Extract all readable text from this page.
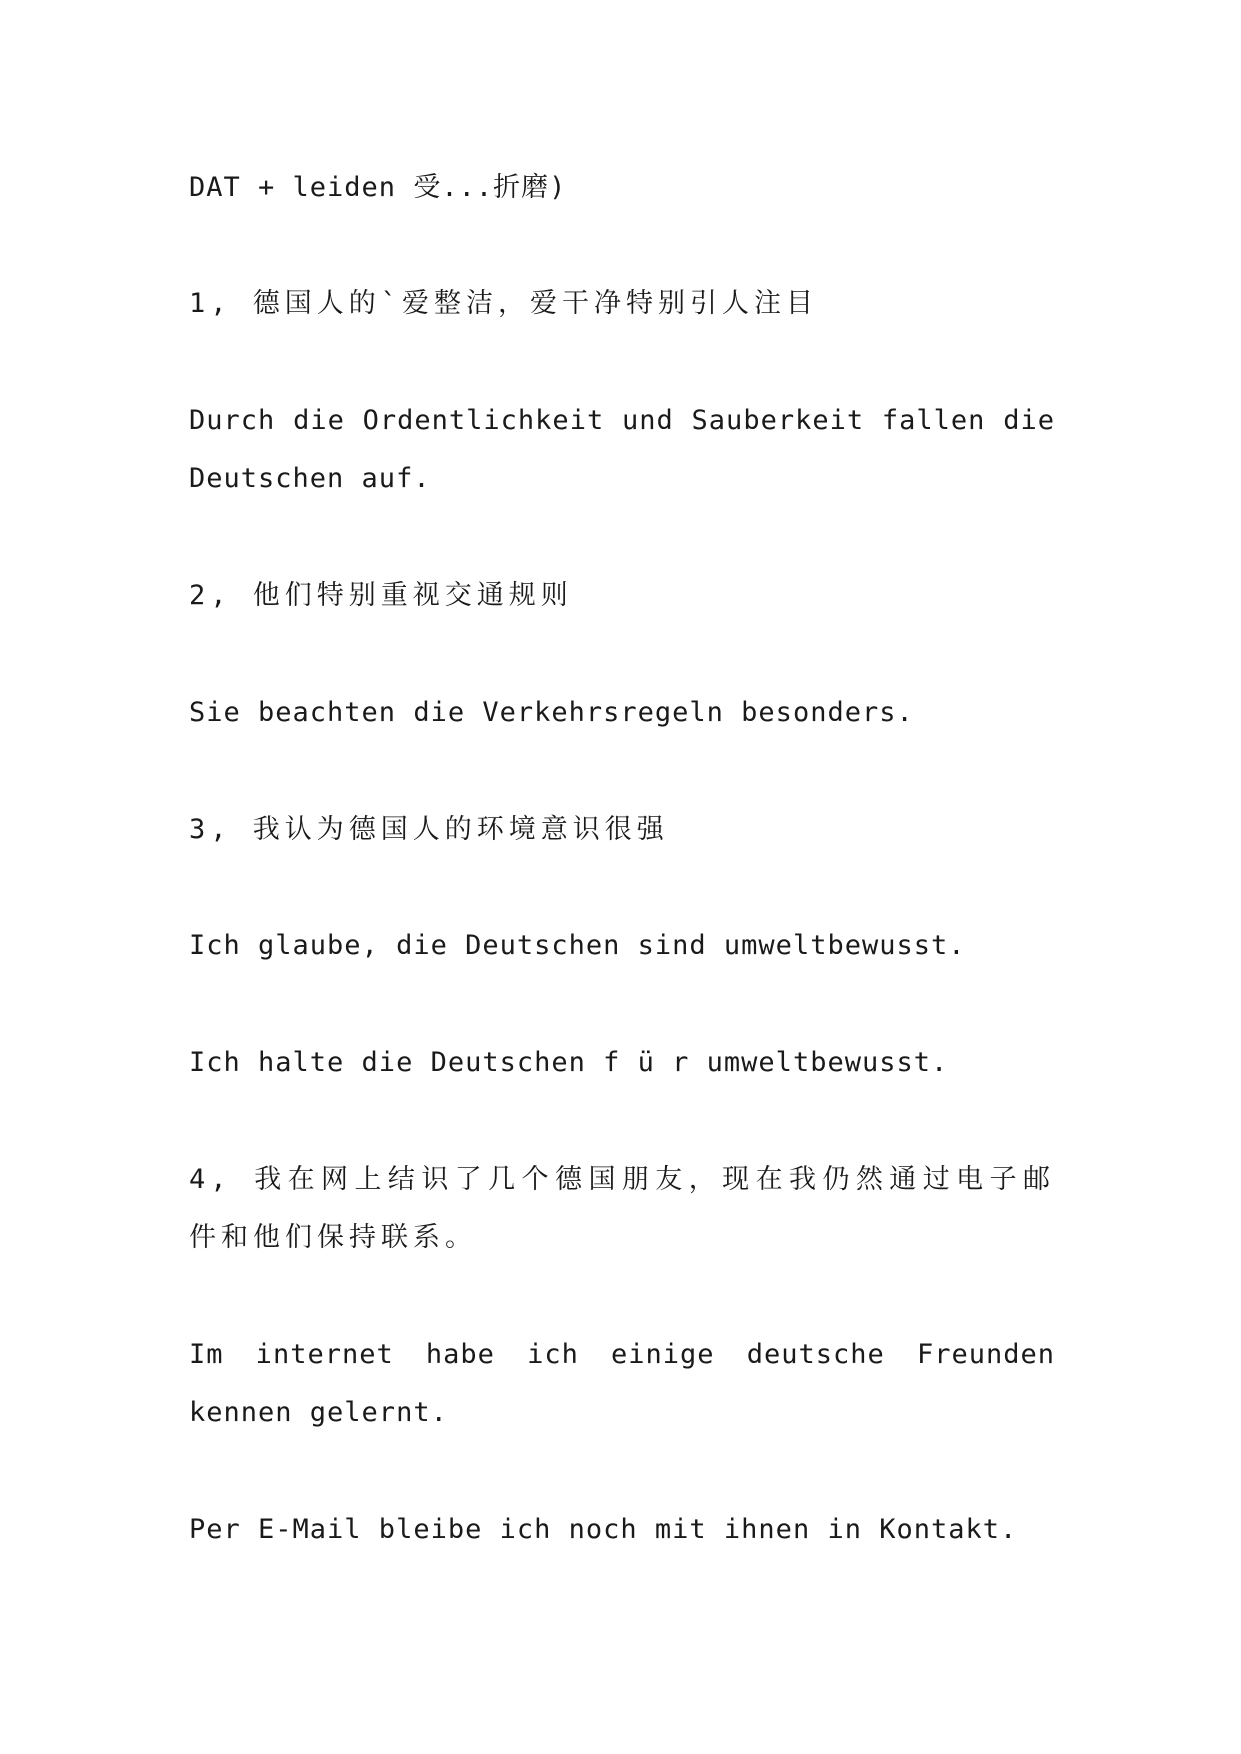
DAT + leiden 受...折磨)

1, 德国人的`爱整洁，爱干净特别引人注目

Durch die Ordentlichkeit und Sauberkeit fallen die

Deutschen auf.

2, 他们特别重视交通规则

Sie beachten die Verkehrsregeln besonders.

3, 我认为德国人的环境意识很强

Ich glaube, die Deutschen sind umweltbewusst.

Ich halte die Deutschen f ü r umweltbewusst.

4, 我在网上结识了几个德国朋友，现在我仍然通过电子邮

件和他们保持联系。

Im internet habe ich einige deutsche Freunden

kennen gelernt.

Per E-Mail bleibe ich noch mit ihnen in Kontakt.
